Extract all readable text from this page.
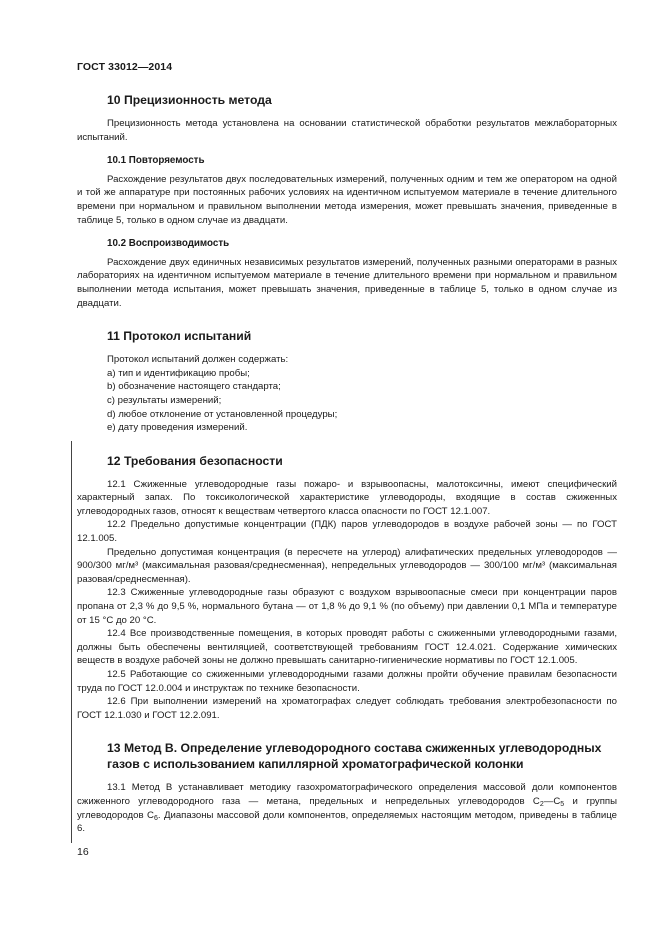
ГОСТ 33012—2014
10 Прецизионность метода

Прецизионность метода установлена на основании статистической обработки результатов межлабораторных испытаний.

10.1 Повторяемость

Расхождение результатов двух последовательных измерений, полученных одним и тем же оператором на одной и той же аппаратуре при постоянных рабочих условиях на идентичном испытуемом материале в течение длительного времени при нормальном и правильном выполнении метода измерения, может превышать значения, приведенные в таблице 5, только в одном случае из двадцати.

10.2 Воспроизводимость

Расхождение двух единичных независимых результатов измерений, полученных разными операторами в разных лабораториях на идентичном испытуемом материале в течение длительного времени при нормальном и правильном выполнении метода испытания, может превышать значения, приведенные в таблице 5, только в одном случае из двадцати.

11 Протокол испытаний
Протокол испытаний должен содержать:
a) тип и идентификацию пробы;
b) обозначение настоящего стандарта;
c) результаты измерений;
d) любое отклонение от установленной процедуры;
e) дату проведения измерений.
12 Требования безопасности

12.1 Сжиженные углеводородные газы пожаро- и взрывоопасны, малотоксичны, имеют специфический характерный запах. По токсикологической характеристике углеводороды, входящие в состав сжиженных углеводородных газов, относят к веществам четвертого класса опасности по ГОСТ 12.1.007.

12.2 Предельно допустимые концентрации (ПДК) паров углеводородов в воздухе рабочей зоны — по ГОСТ 12.1.005.

Предельно допустимая концентрация (в пересчете на углерод) алифатических предельных углеводородов — 900/300 мг/м³ (максимальная разовая/среднесменная), непредельных углеводородов — 300/100 мг/м³ (максимальная разовая/среднесменная).

12.3 Сжиженные углеводородные газы образуют с воздухом взрывоопасные смеси при концентрации паров пропана от 2,3 % до 9,5 %, нормального бутана — от 1,8 % до 9,1 % (по объему) при давлении 0,1 МПа и температуре от 15 °С до 20 °С.

12.4 Все производственные помещения, в которых проводят работы с сжиженными углеводородными газами, должны быть обеспечены вентиляцией, соответствующей требованиям ГОСТ 12.4.021. Содержание химических веществ в воздухе рабочей зоны не должно превышать санитарно-гигиенические нормативы по ГОСТ 12.1.005.

12.5 Работающие со сжиженными углеводородными газами должны пройти обучение правилам безопасности труда по ГОСТ 12.0.004 и инструктаж по технике безопасности.

12.6 При выполнении измерений на хроматографах следует соблюдать требования электробезопасности по ГОСТ 12.1.030 и ГОСТ 12.2.091.

13 Метод В. Определение углеводородного состава сжиженных углеводородных газов с использованием капиллярной хроматографической колонки

13.1 Метод В устанавливает методику газохроматографического определения массовой доли компонентов сжиженного углеводородного газа — метана, предельных и непредельных углеводородов $С_2—С_5$ и группы углеводородов $С_6$. Диапазоны массовой доли компонентов, определяемых настоящим методом, приведены в таблице 6.

16
